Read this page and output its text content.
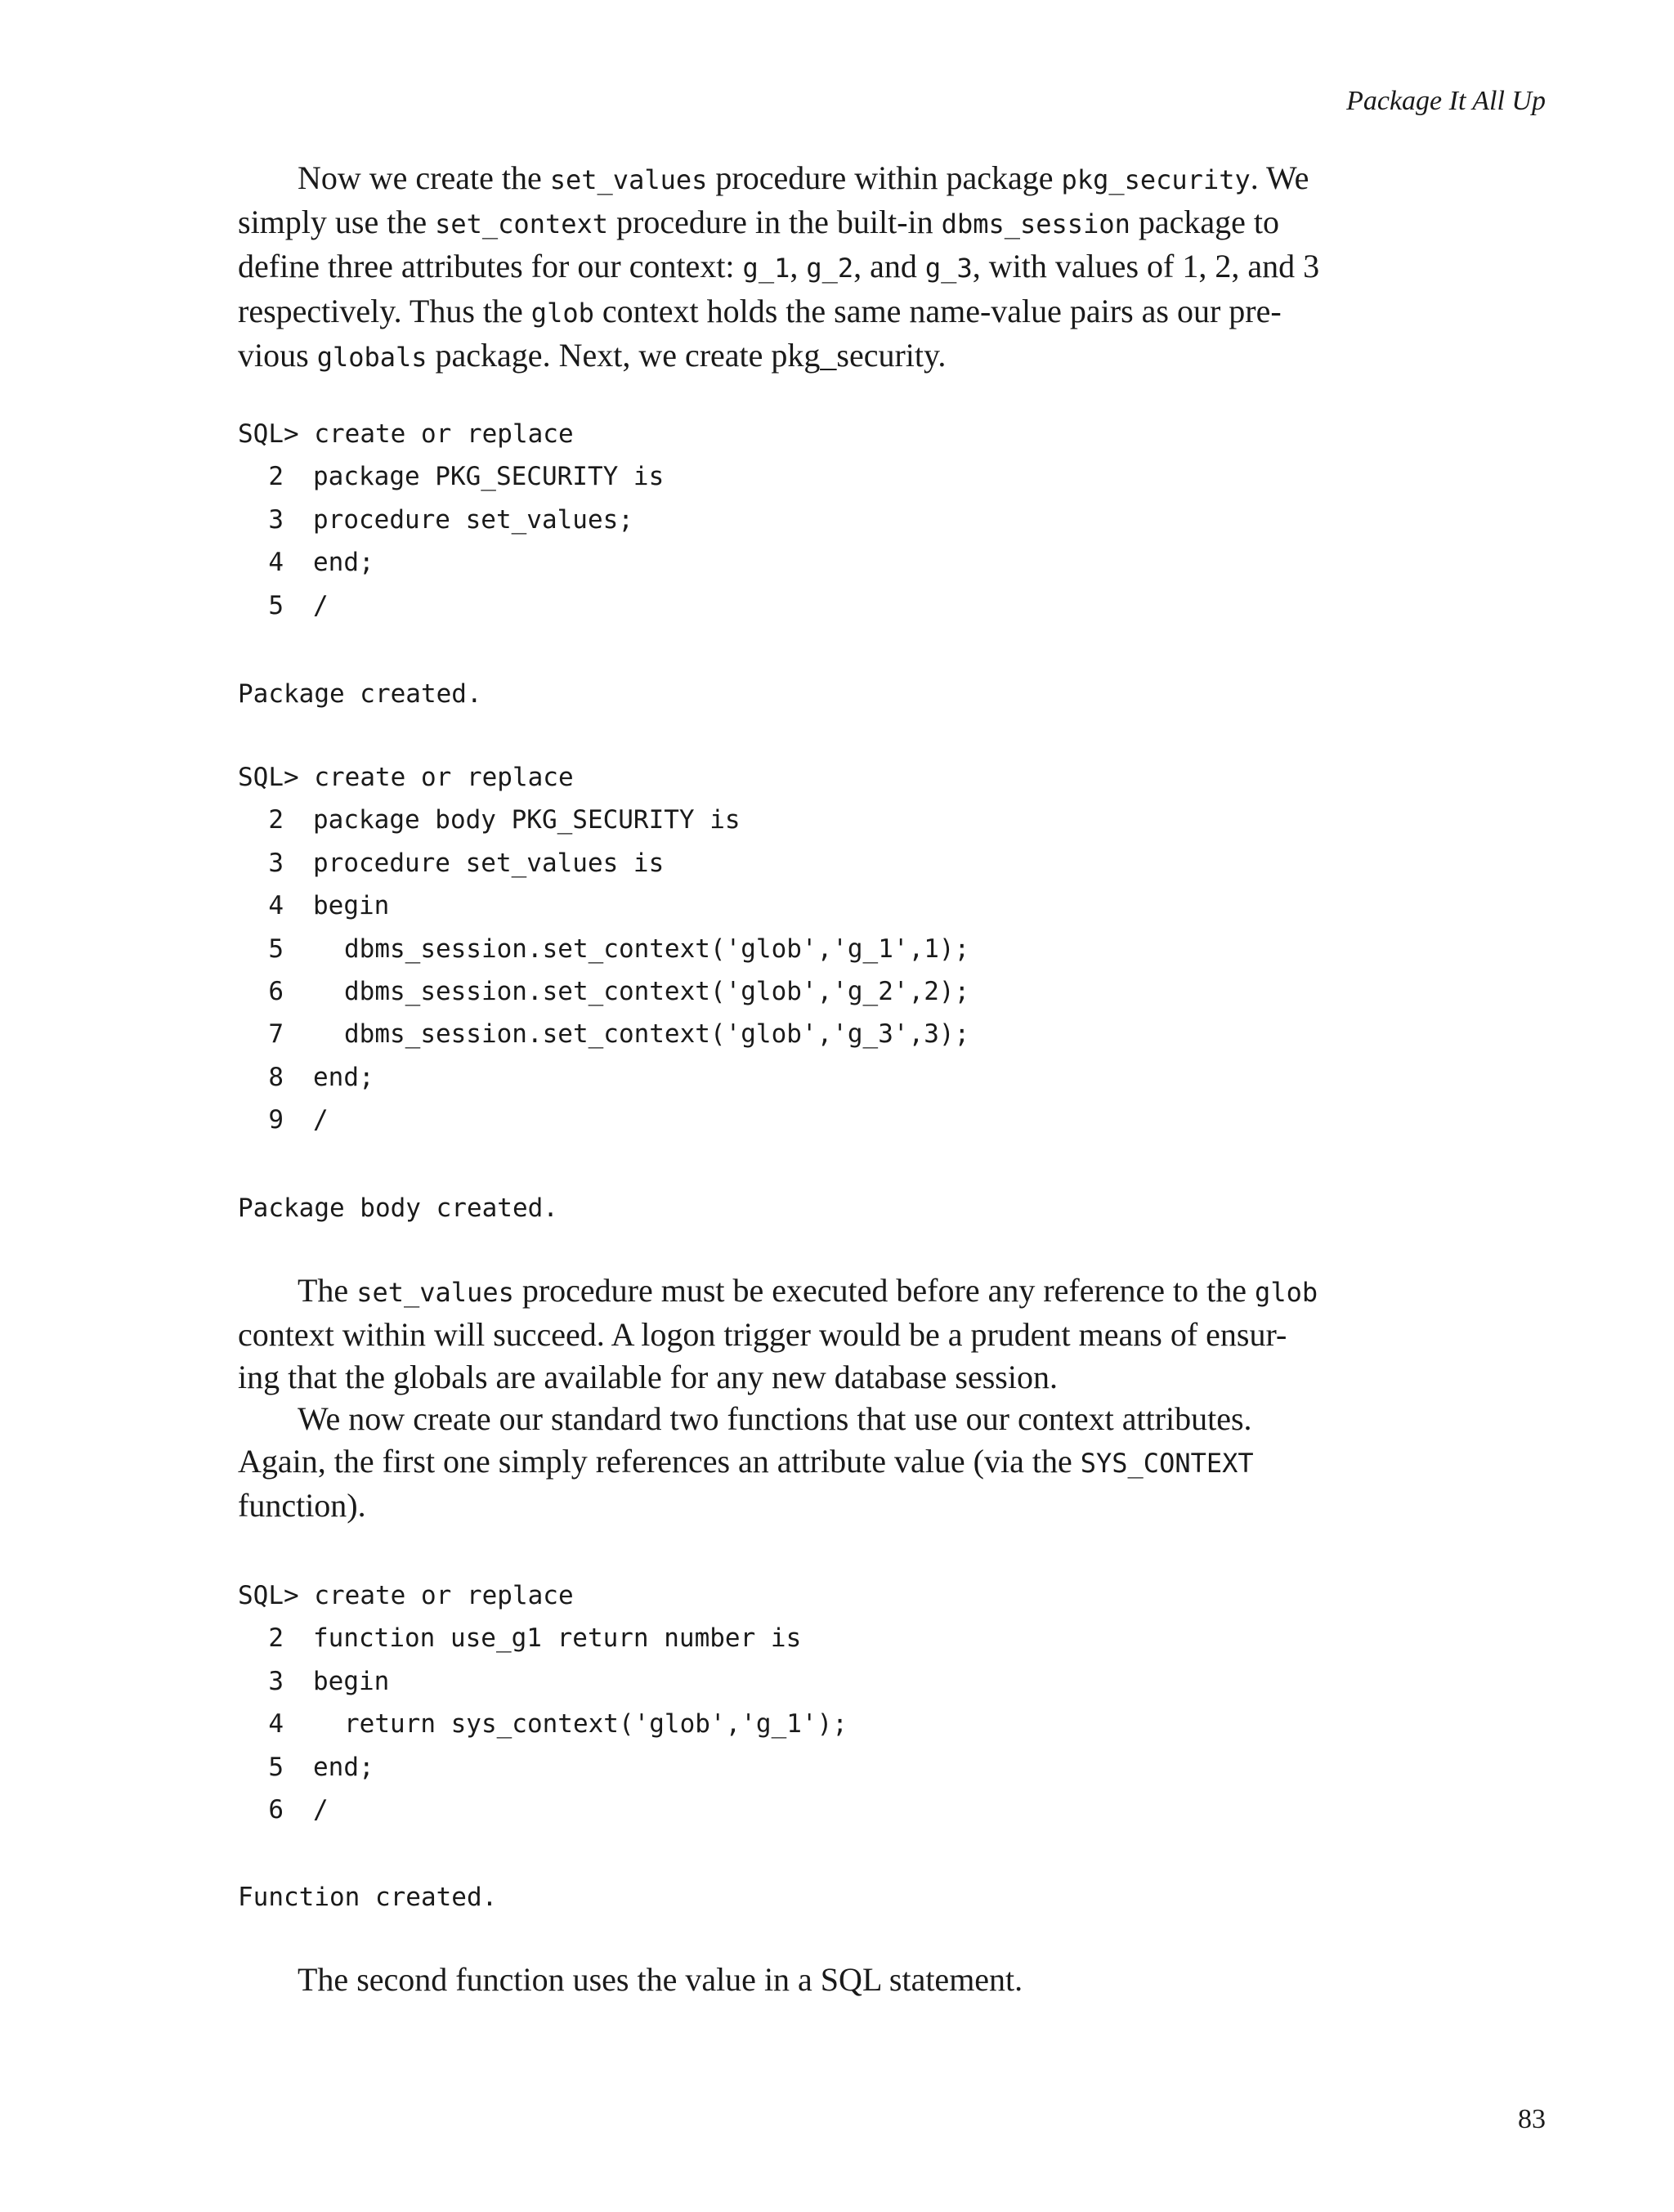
Package It All Up
Now we create the set_values procedure within package pkg_security. We
simply use the set_context procedure in the built-in dbms_session package to
define three attributes for our context: g_1, g_2, and g_3, with values of 1, 2, and 3
respectively. Thus the glob context holds the same name-value pairs as our pre-
vious globals package. Next, we create pkg_security.
SQL>
create or replace
2	package PKG_SECURITY is
3	procedure set_values;
4	end;
5	/
Package created.
SQL>
create or replace
2	package body PKG_SECURITY is
3	procedure set_values is
4	begin
5	dbms_session.set_context('glob','g_1',1);
6	dbms_session.set_context('glob','g_2',2);
7	dbms_session.set_context('glob','g_3',3);
8	end;
9	/
Package body created.
The set_values procedure must be executed before any reference to the glob
context within will succeed. A logon trigger would be a prudent means of ensur-
ing that the globals are available for any new database session.
We now create our standard two functions that use our context attributes.
Again, the first one simply references an attribute value (via the SYS_CONTEXT
function).
SQL>
create or replace
2	function use_g1 return number is
3	begin
4	return sys_context('glob','g_1');
5	end;
6	/
Function created.
The second function uses the value in a SQL statement.
83
